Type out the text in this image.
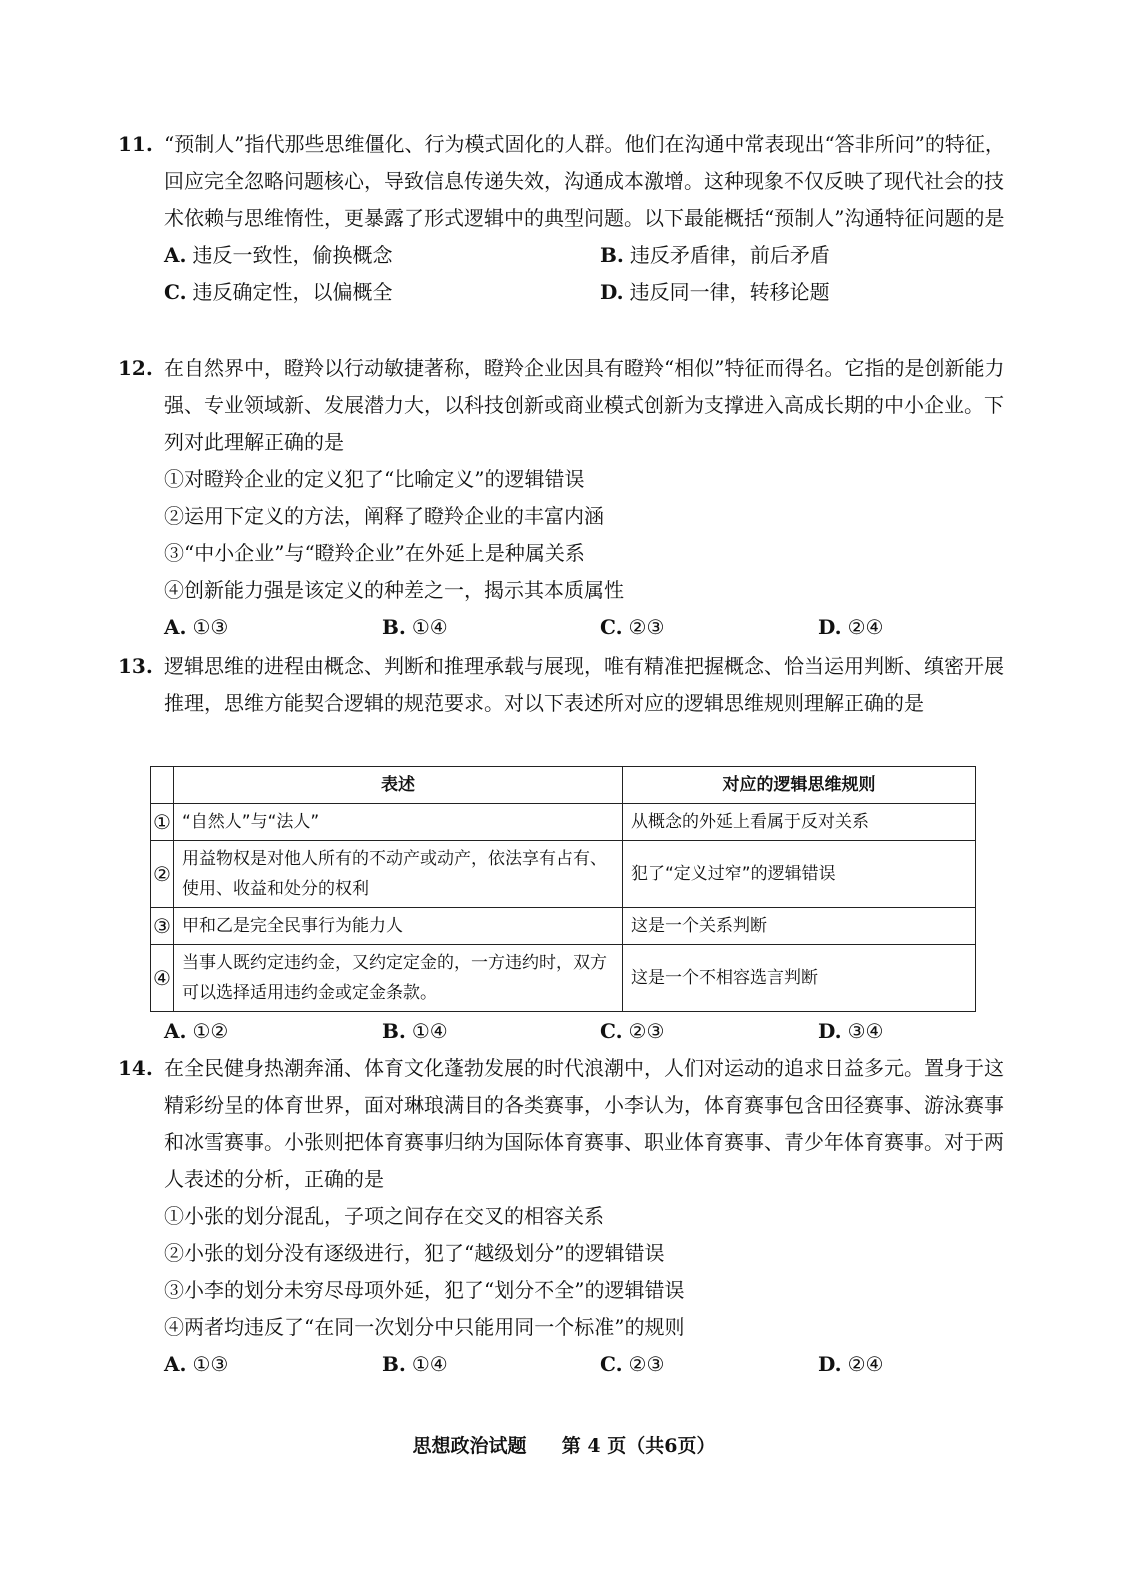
11. “预制人”指代那些思维僵化、行为模式固化的人群。他们在沟通中常表现出“答非所问”的特征，回应完全忽略问题核心，导致信息传递失效，沟通成本激增。这种现象不仅反映了现代社会的技术依赖与思维惰性，更暴露了形式逻辑中的典型问题。以下最能概括“预制人”沟通特征问题的是
A. 违反一致性，偷换概念	B. 违反矛盾律，前后矛盾
C. 违反确定性，以偏概全	D. 违反同一律，转移论题
12. 在自然界中，瞪羚以行动敏捷著称，瞪羚企业因具有瞪羚“相似”特征而得名。它指的是创新能力强、专业领域新、发展潜力大，以科技创新或商业模式创新为支撑进入高成长期的中小企业。下列对此理解正确的是
①对瞪羚企业的定义犯了“比喻定义”的逻辑错误
②运用下定义的方法，阐释了瞪羚企业的丰富内涵
③“中小企业”与“瞪羚企业”在外延上是种属关系
④创新能力强是该定义的种差之一，揭示其本质属性
A. ①③	B. ①④	C. ②③	D. ②④
13. 逻辑思维的进程由概念、判断和推理承载与展现，唯有精准把握概念、恰当运用判断、缜密开展推理，思维方能契合逻辑的规范要求。对以下表述所对应的逻辑思维规则理解正确的是
	表述	对应的逻辑思维规则
①	“自然人”与“法人”	从概念的外延上看属于反对关系
②	用益物权是对他人所有的不动产或动产，依法享有占有、使用、收益和处分的权利	犯了“定义过窄”的逻辑错误
③	甲和乙是完全民事行为能力人	这是一个关系判断
④	当事人既约定违约金，又约定定金的，一方违约时，双方可以选择适用违约金或定金条款。	这是一个不相容选言判断
A. ①②	B. ①④	C. ②③	D. ③④
14. 在全民健身热潮奔涌、体育文化蓬勃发展的时代浪潮中，人们对运动的追求日益多元。置身于这精彩纷呈的体育世界，面对琳琅满目的各类赛事，小李认为，体育赛事包含田径赛事、游泳赛事和冰雪赛事。小张则把体育赛事归纳为国际体育赛事、职业体育赛事、青少年体育赛事。对于两人表述的分析，正确的是
①小张的划分混乱，子项之间存在交叉的相容关系
②小张的划分没有逐级进行，犯了“越级划分”的逻辑错误
③小李的划分未穷尽母项外延，犯了“划分不全”的逻辑错误
④两者均违反了“在同一次划分中只能用同一个标准”的规则
A. ①③	B. ①④	C. ②③	D. ②④
思想政治试题 第 4 页（共6页）
